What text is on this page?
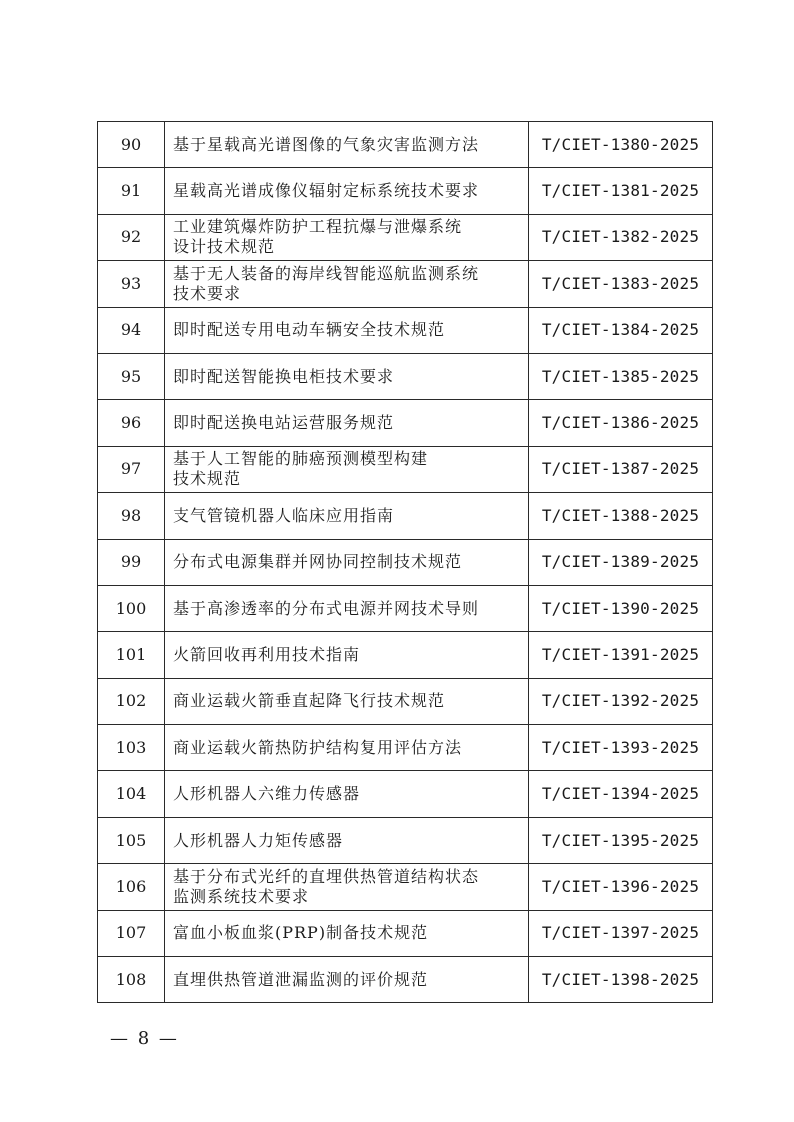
90	基于星载高光谱图像的气象灾害监测方法	T/CIET-1380-2025
91	星载高光谱成像仪辐射定标系统技术要求	T/CIET-1381-2025
92	工业建筑爆炸防护工程抗爆与泄爆系统
设计技术规范	T/CIET-1382-2025
93	基于无人装备的海岸线智能巡航监测系统
技术要求	T/CIET-1383-2025
94	即时配送专用电动车辆安全技术规范	T/CIET-1384-2025
95	即时配送智能换电柜技术要求	T/CIET-1385-2025
96	即时配送换电站运营服务规范	T/CIET-1386-2025
97	基于人工智能的肺癌预测模型构建
技术规范	T/CIET-1387-2025
98	支气管镜机器人临床应用指南	T/CIET-1388-2025
99	分布式电源集群并网协同控制技术规范	T/CIET-1389-2025
100	基于高渗透率的分布式电源并网技术导则	T/CIET-1390-2025
101	火箭回收再利用技术指南	T/CIET-1391-2025
102	商业运载火箭垂直起降飞行技术规范	T/CIET-1392-2025
103	商业运载火箭热防护结构复用评估方法	T/CIET-1393-2025
104	人形机器人六维力传感器	T/CIET-1394-2025
105	人形机器人力矩传感器	T/CIET-1395-2025
106	基于分布式光纤的直埋供热管道结构状态
监测系统技术要求	T/CIET-1396-2025
107	富血小板血浆(PRP)制备技术规范	T/CIET-1397-2025
108	直埋供热管道泄漏监测的评价规范	T/CIET-1398-2025
— 8 —
